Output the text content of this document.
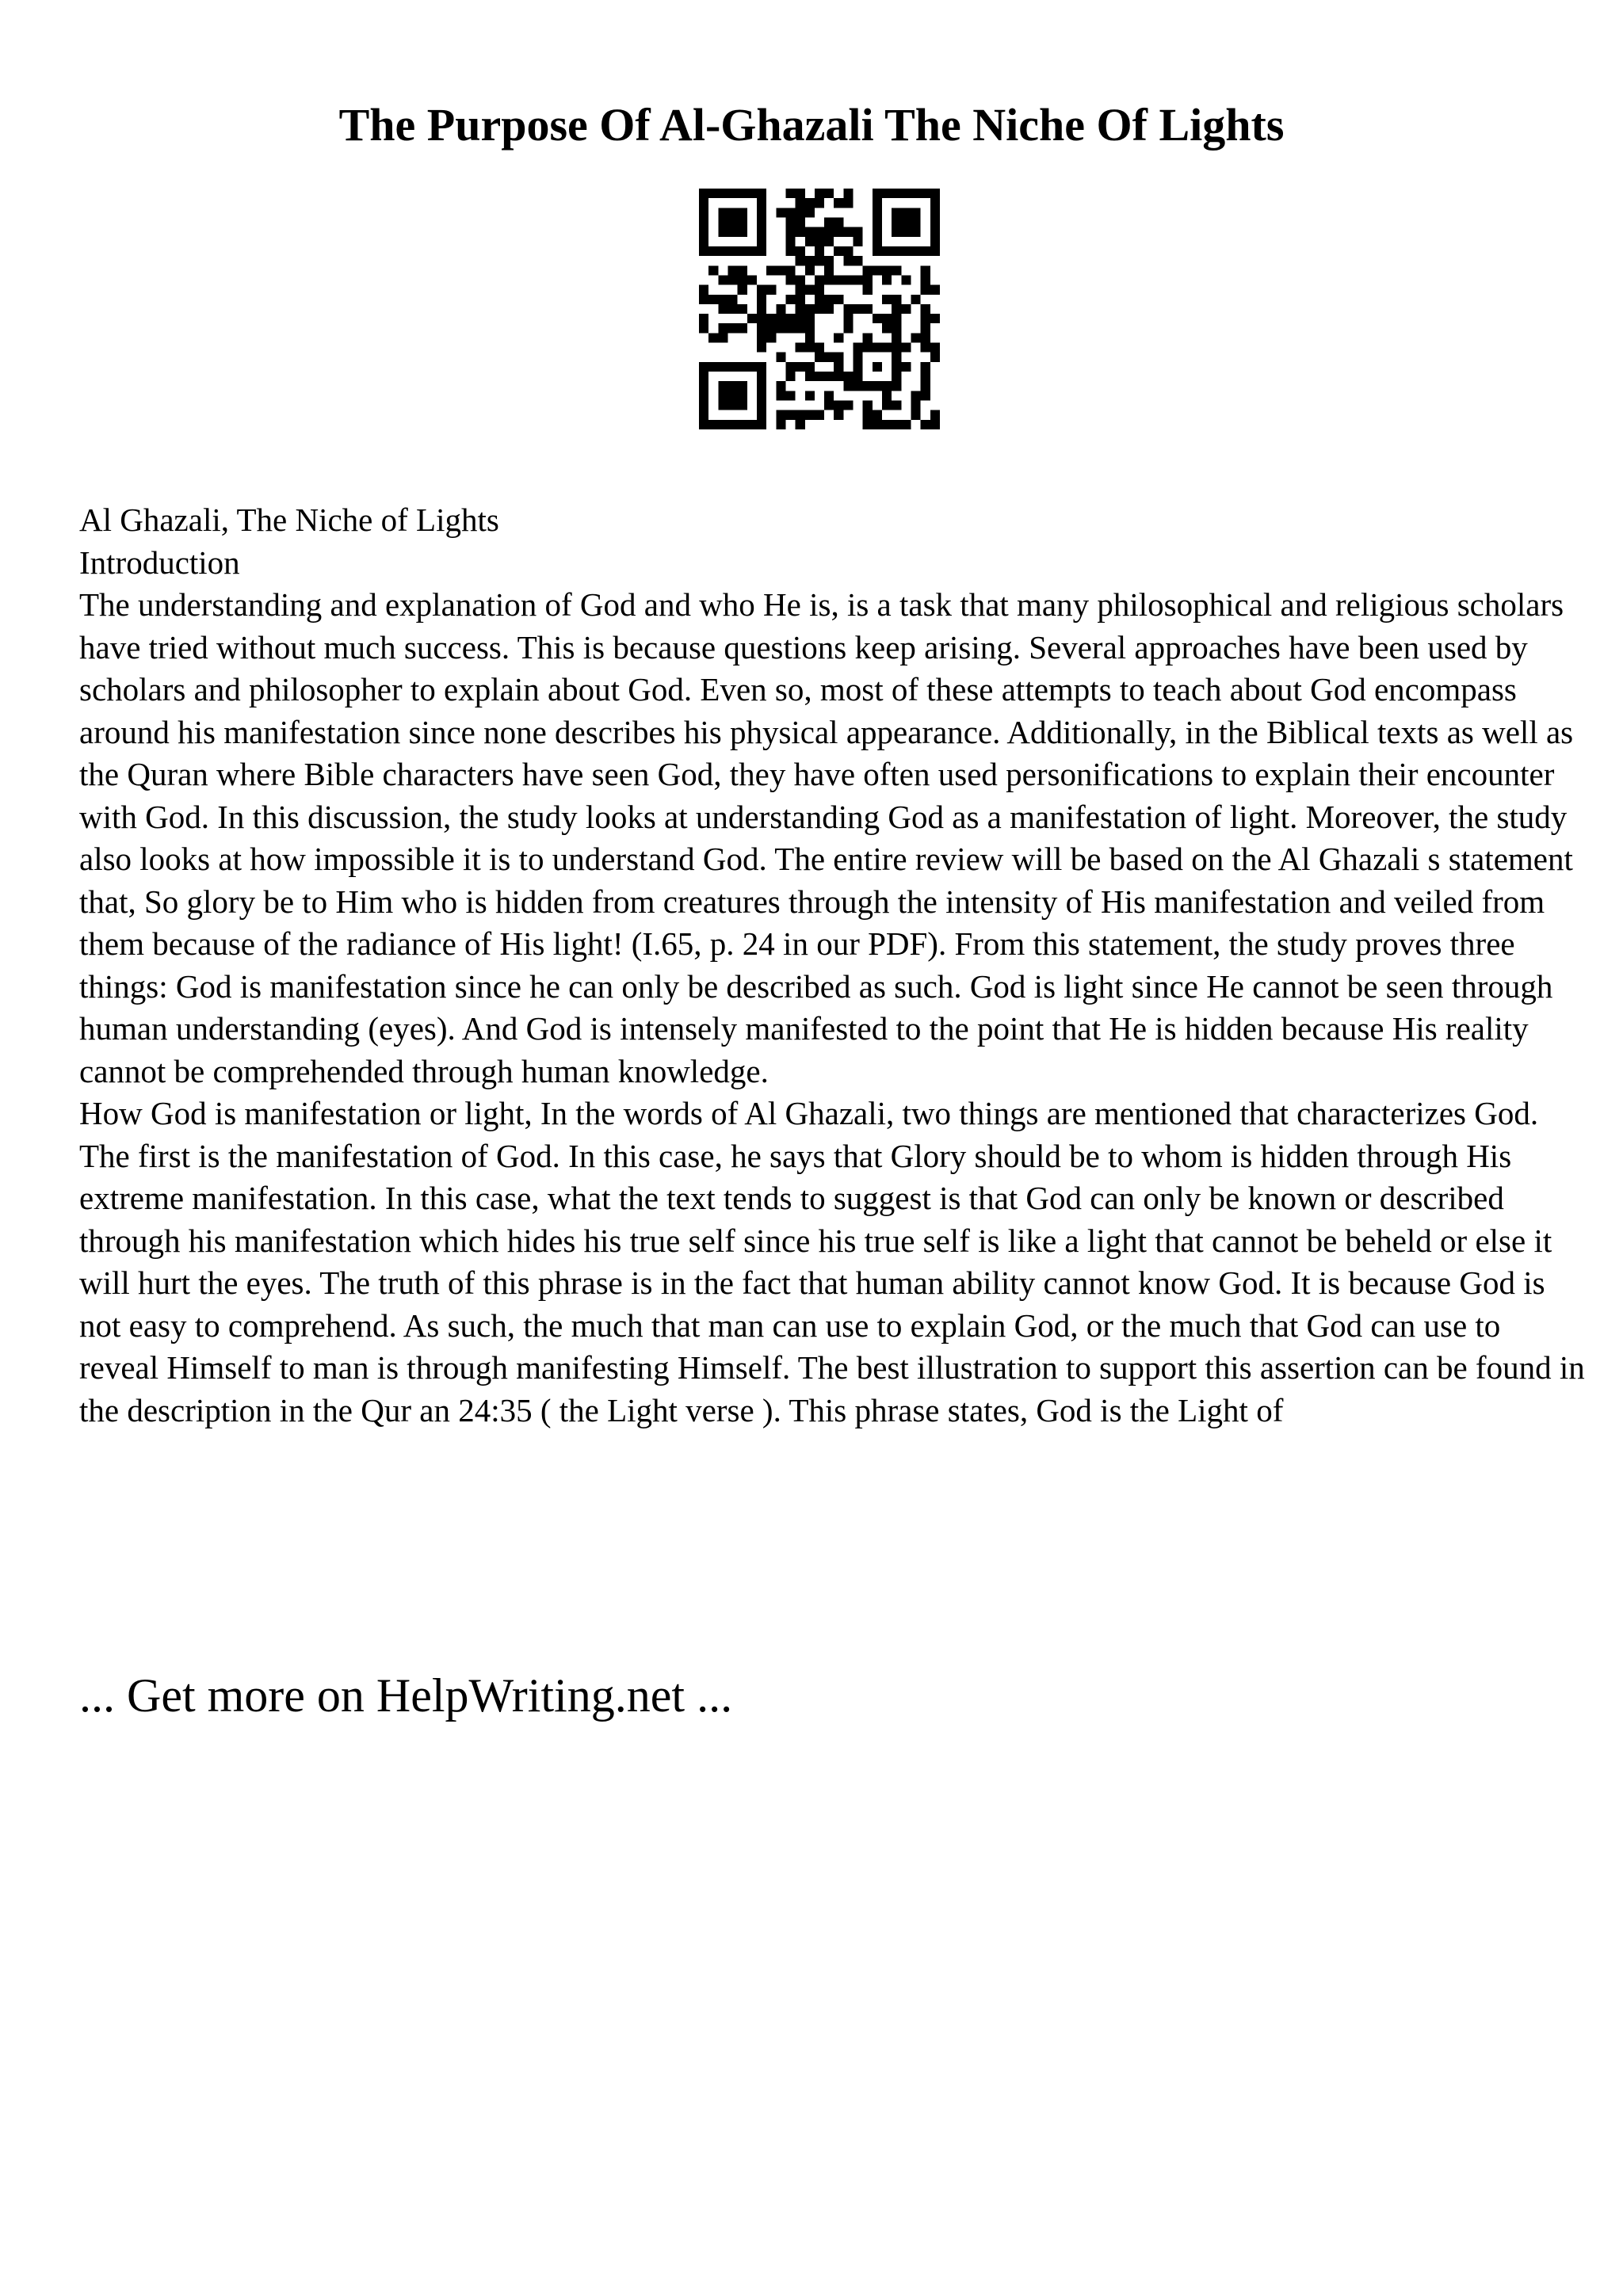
The Purpose Of Al-Ghazali The Niche Of Lights

Al Ghazali, The Niche of Lights

Introduction

The understanding and explanation of God and who He is, is a task that many philosophical and religious scholars have tried without much success. This is because questions keep arising. Several approaches have been used by scholars and philosopher to explain about God. Even so, most of these attempts to teach about God encompass around his manifestation since none describes his physical appearance. Additionally, in the Biblical texts as well as the Quran where Bible characters have seen God, they have often used personifications to explain their encounter with God. In this discussion, the study looks at understanding God as a manifestation of light. Moreover, the study also looks at how impossible it is to understand God. The entire review will be based on the Al Ghazali s statement that, So glory be to Him who is hidden from creatures through the intensity of His manifestation and veiled from them because of the radiance of His light! (I.65, p. 24 in our PDF). From this statement, the study proves three things: God is manifestation since he can only be described as such. God is light since He cannot be seen through human understanding (eyes). And God is intensely manifested to the point that He is hidden because His reality cannot be comprehended through human knowledge.

How God is manifestation or light, In the words of Al Ghazali, two things are mentioned that characterizes God. The first is the manifestation of God. In this case, he says that Glory should be to whom is hidden through His extreme manifestation. In this case, what the text tends to suggest is that God can only be known or described through his manifestation which hides his true self since his true self is like a light that cannot be beheld or else it will hurt the eyes. The truth of this phrase is in the fact that human ability cannot know God. It is because God is not easy to comprehend. As such, the much that man can use to explain God, or the much that God can use to reveal Himself to man is through manifesting Himself. The best illustration to support this assertion can be found in the description in the Qur an 24:35 ( the Light verse ). This phrase states, God is the Light of

... Get more on HelpWriting.net ...
